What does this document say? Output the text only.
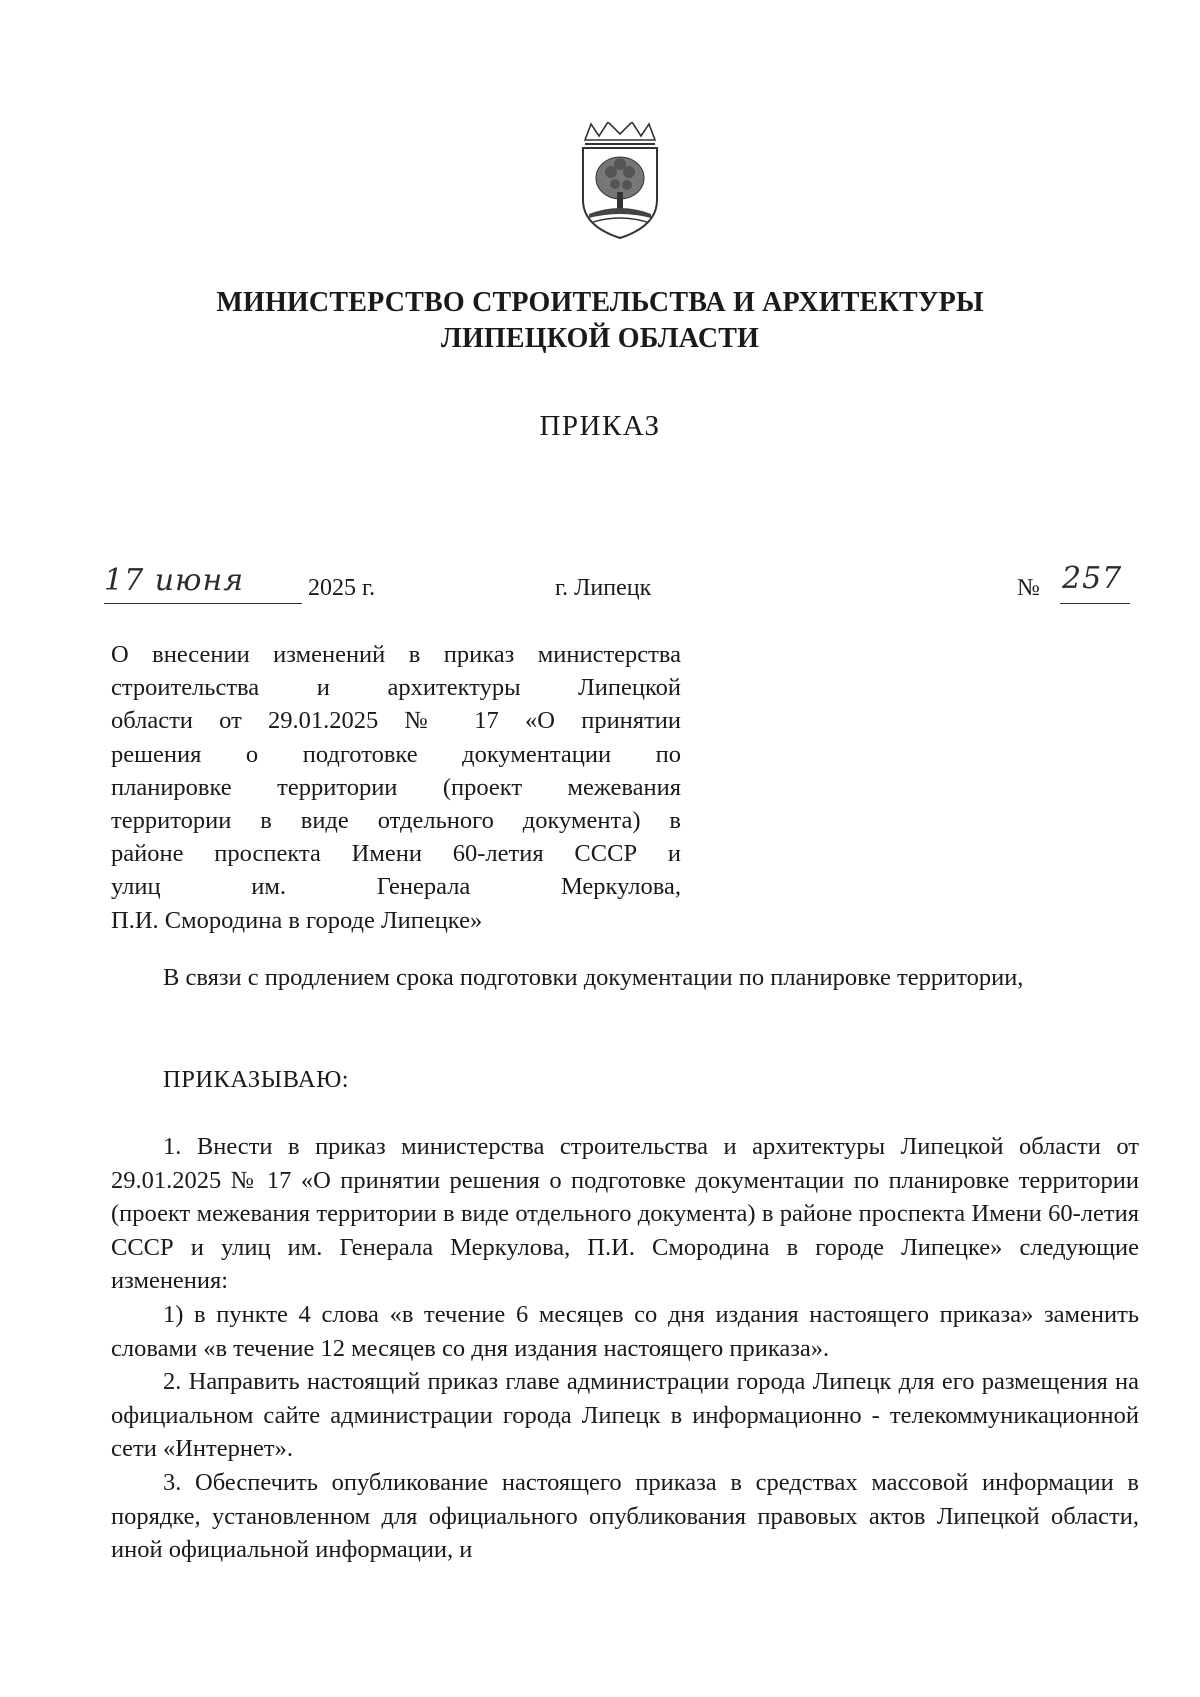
МИНИСТЕРСТВО СТРОИТЕЛЬСТВА И АРХИТЕКТУРЫ
ЛИПЕЦКОЙ ОБЛАСТИ
ПРИКАЗ
17 июня	2025 г.	г. Липецк	№ 257
О внесении изменений в приказ министерства
строительства и архитектуры Липецкой
области от 29.01.2025 № 17 «О принятии
решения о подготовке документации по
планировке территории (проект межевания
территории в виде отдельного документа) в
районе проспекта Имени 60-летия СССР и
улиц им. Генерала Меркулова,
П.И. Смородина в городе Липецке»

В связи с продлением срока подготовки документации по планировке территории,

ПРИКАЗЫВАЮ:

1. Внести в приказ министерства строительства и архитектуры Липецкой области от 29.01.2025 № 17 «О принятии решения о подготовке документации по планировке территории (проект межевания территории в виде отдельного документа) в районе проспекта Имени 60-летия СССР и улиц им. Генерала Меркулова, П.И. Смородина в городе Липецке» следующие изменения:

1) в пункте 4 слова «в течение 6 месяцев со дня издания настоящего приказа» заменить словами «в течение 12 месяцев со дня издания настоящего приказа».

2. Направить настоящий приказ главе администрации города Липецк для его размещения на официальном сайте администрации города Липецк в информационно - телекоммуникационной сети «Интернет».

3. Обеспечить опубликование настоящего приказа в средствах массовой информации в порядке, установленном для официального опубликования правовых актов Липецкой области, иной официальной информации, и
